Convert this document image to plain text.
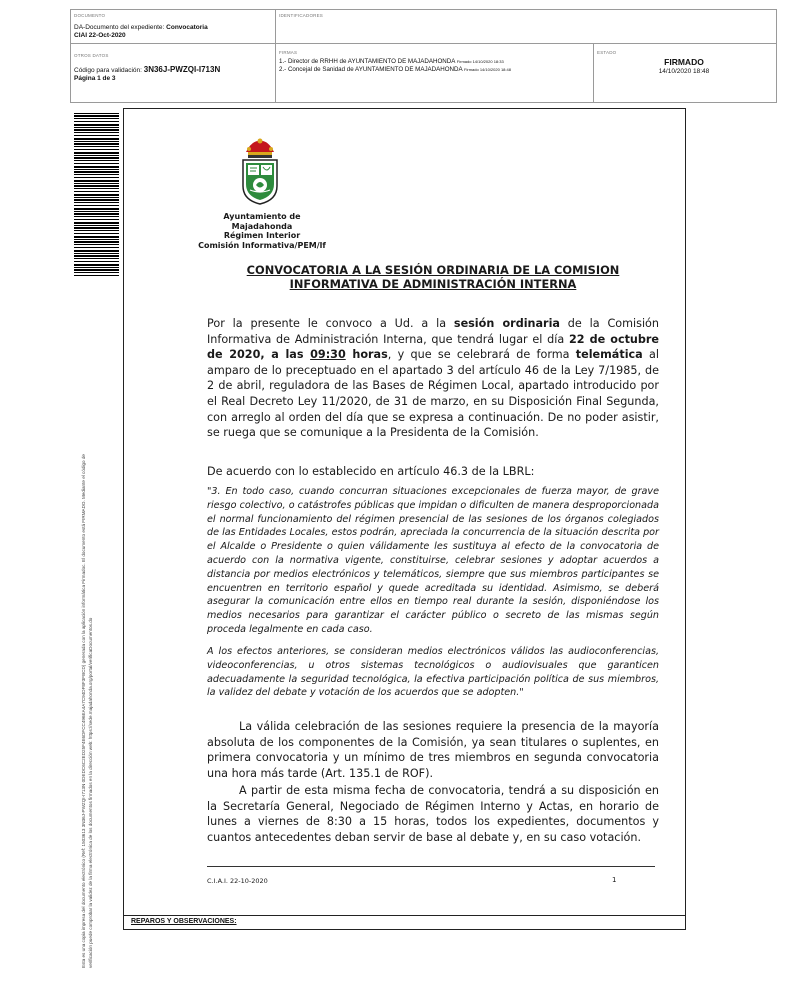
DOCUMENTO
DA-Documento del expediente: Convocatoria
CIAI 22-Oct-2020
IDENTIFICADORES
OTROS DATOS
Código para validación: 3N36J-PWZQI-I713N
Página 1 de 3
FIRMAS
1.- Director de RRHH de AYUNTAMIENTO DE MAJADAHONDA Firmado 14/10/2020 18:33
2.- Concejal de Sanidad de AYUNTAMIENTO DE MAJADAHONDA Firmado 14/10/2020 18:48
ESTADO
FIRMADO
14/10/2020 18:48
Esta es una copia impresa del documento electrónico (Ref: 1503613 3N36J-PWZQI-I713N 0DEDC6C2ED25F4E6DFCC496EA4A7C94DF8F3FBCD) generada con la aplicación informática Firmadoc. El documento está FIRMADO. Mediante el código de verificación puede comprobar la validez de la firma electrónica de los documentos firmados en la dirección web: https://sede.majadahonda.org/portal/verificaDocumentos.do	REPAROS Y OBSERVACIONES:
Ayuntamiento de Majadahonda
Régimen Interior
Comisión Informativa/PEM/lf
CONVOCATORIA A LA SESIÓN ORDINARIA DE LA COMISION
INFORMATIVA DE ADMINISTRACIÓN INTERNA
Por la presente le convoco a Ud. a la sesión ordinaria de la Comisión Informativa de Administración Interna, que tendrá lugar el día 22 de octubre de 2020, a las 09:30 horas, y que se celebrará de forma telemática al amparo de lo preceptuado en el apartado 3 del artículo 46 de la Ley 7/1985, de 2 de abril, reguladora de las Bases de Régimen Local, apartado introducido por el Real Decreto Ley 11/2020, de 31 de marzo, en su Disposición Final Segunda, con arreglo al orden del día que se expresa a continuación. De no poder asistir, se ruega que se comunique a la Presidenta de la Comisión.
De acuerdo con lo establecido en artículo 46.3 de la LBRL:
"3. En todo caso, cuando concurran situaciones excepcionales de fuerza mayor, de grave riesgo colectivo, o catástrofes públicas que impidan o dificulten de manera desproporcionada el normal funcionamiento del régimen presencial de las sesiones de los órganos colegiados de las Entidades Locales, estos podrán, apreciada la concurrencia de la situación descrita por el Alcalde o Presidente o quien válidamente les sustituya al efecto de la convocatoria de acuerdo con la normativa vigente, constituirse, celebrar sesiones y adoptar acuerdos a distancia por medios electrónicos y telemáticos, siempre que sus miembros participantes se encuentren en territorio español y quede acreditada su identidad. Asimismo, se deberá asegurar la comunicación entre ellos en tiempo real durante la sesión, disponiéndose los medios necesarios para garantizar el carácter público o secreto de las mismas según proceda legalmente en cada caso.
A los efectos anteriores, se consideran medios electrónicos válidos las audioconferencias, videoconferencias, u otros sistemas tecnológicos o audiovisuales que garanticen adecuadamente la seguridad tecnológica, la efectiva participación política de sus miembros, la validez del debate y votación de los acuerdos que se adopten."
La válida celebración de las sesiones requiere la presencia de la mayoría absoluta de los componentes de la Comisión, ya sean titulares o suplentes, en primera convocatoria y un mínimo de tres miembros en segunda convocatoria una hora más tarde (Art. 135.1 de ROF).
A partir de esta misma fecha de convocatoria, tendrá a su disposición en la Secretaría General, Negociado de Régimen Interno y Actas, en horario de lunes a viernes de 8:30 a 15 horas, todos los expedientes, documentos y cuantos antecedentes deban servir de base al debate y, en su caso votación.
C.I.A.I. 22-10-2020	1
